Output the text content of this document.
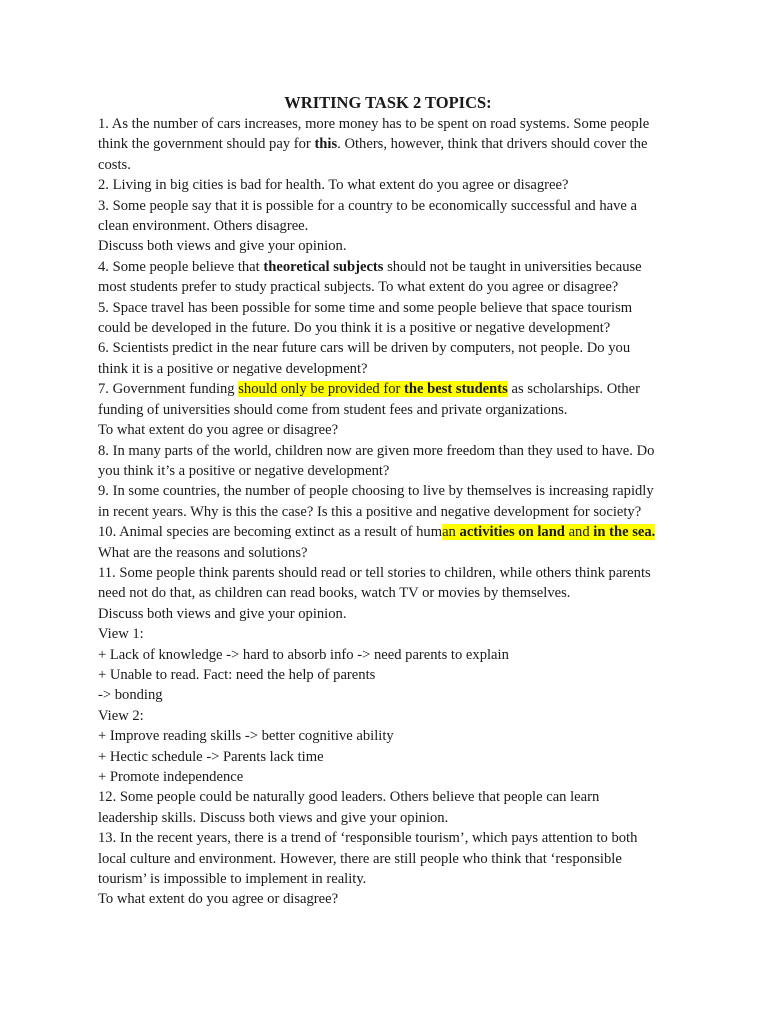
WRITING TASK 2 TOPICS:
1. As the number of cars increases, more money has to be spent on road systems. Some people
think the government should pay for this. Others, however, think that drivers should cover the
costs.
2. Living in big cities is bad for health. To what extent do you agree or disagree?
3. Some people say that it is possible for a country to be economically successful and have a
clean environment. Others disagree.
Discuss both views and give your opinion.
4. Some people believe that theoretical subjects should not be taught in universities because
most students prefer to study practical subjects. To what extent do you agree or disagree?
5. Space travel has been possible for some time and some people believe that space tourism
could be developed in the future. Do you think it is a positive or negative development?
6. Scientists predict in the near future cars will be driven by computers, not people. Do you
think it is a positive or negative development?
7. Government funding should only be provided for the best students as scholarships. Other
funding of universities should come from student fees and private organizations.
To what extent do you agree or disagree?
8. In many parts of the world, children now are given more freedom than they used to have. Do
you think it’s a positive or negative development?
9. In some countries, the number of people choosing to live by themselves is increasing rapidly
in recent years. Why is this the case? Is this a positive and negative development for society?
10. Animal species are becoming extinct as a result of human activities on land and in the sea.
What are the reasons and solutions?
11. Some people think parents should read or tell stories to children, while others think parents
need not do that, as children can read books, watch TV or movies by themselves.
Discuss both views and give your opinion.
View 1:
+ Lack of knowledge -> hard to absorb info -> need parents to explain
+ Unable to read. Fact: need the help of parents
-> bonding
View 2:
+ Improve reading skills -> better cognitive ability
+ Hectic schedule -> Parents lack time
+ Promote independence
12. Some people could be naturally good leaders. Others believe that people can learn
leadership skills. Discuss both views and give your opinion.
13. In the recent years, there is a trend of ‘responsible tourism’, which pays attention to both
local culture and environment. However, there are still people who think that ‘responsible
tourism’ is impossible to implement in reality.
To what extent do you agree or disagree?
